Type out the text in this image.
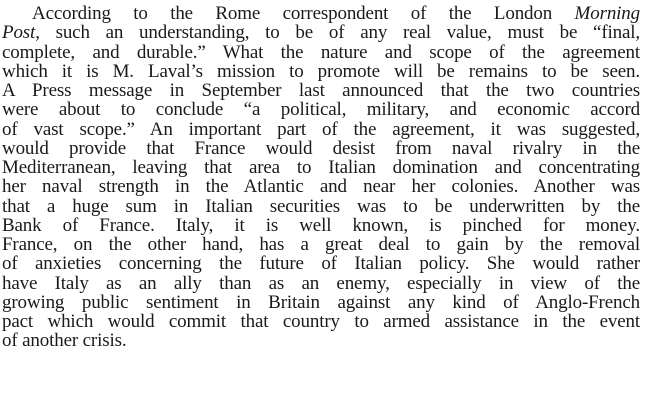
According to the Rome correspondent of the London Morning
Post, such an understanding, to be of any real value, must be “final,
complete, and durable.” What the nature and scope of the agreement
which it is M. Laval’s mission to promote will be remains to be seen.
A Press message in September last announced that the two countries
were about to conclude “a political, military, and economic accord
of vast scope.” An important part of the agreement, it was suggested,
would provide that France would desist from naval rivalry in the
Mediterranean, leaving that area to Italian domination and concentrating
her naval strength in the Atlantic and near her colonies. Another was
that a huge sum in Italian securities was to be underwritten by the
Bank of France. Italy, it is well known, is pinched for money.
France, on the other hand, has a great deal to gain by the removal
of anxieties concerning the future of Italian policy. She would rather
have Italy as an ally than as an enemy, especially in view of the
growing public sentiment in Britain against any kind of Anglo-French
pact which would commit that country to armed assistance in the event
of another crisis.
